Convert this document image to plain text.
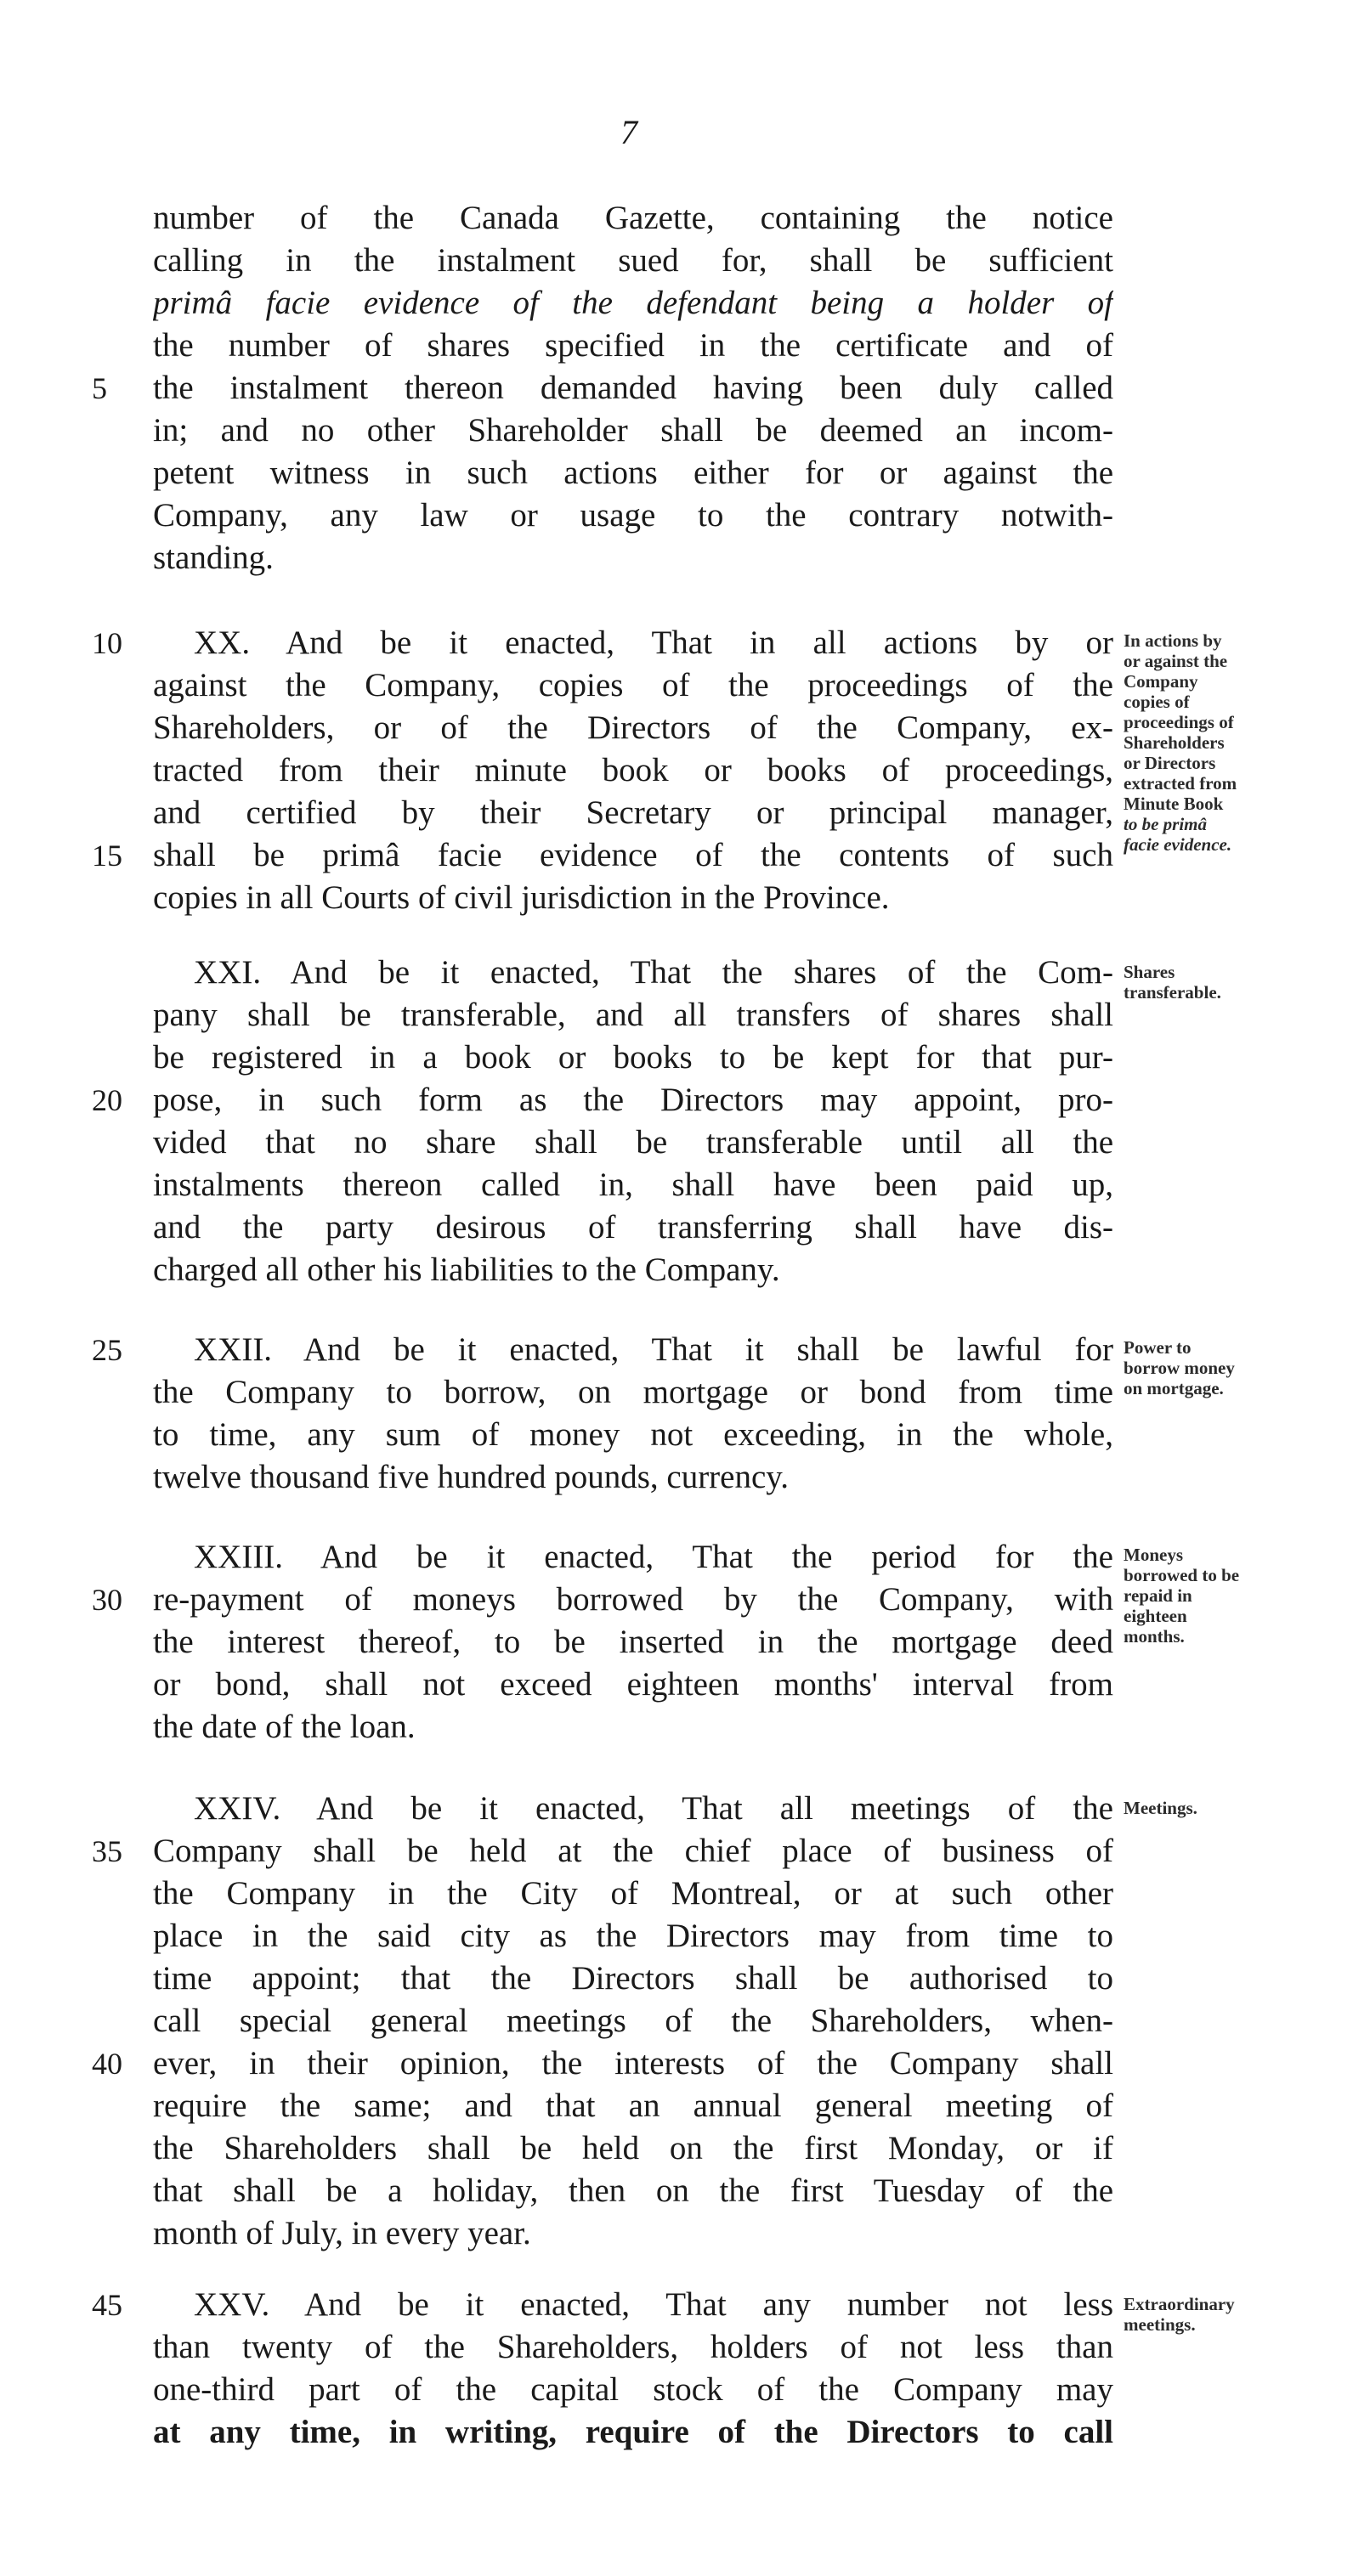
7
number of the Canada Gazette, containing the notice
calling in the instalment sued for, shall be sufficient
primâ facie evidence of the defendant being a holder of
the number of shares specified in the certificate and of
the instalment thereon demanded having been duly called
in; and no other Shareholder shall be deemed an incom-
petent witness in such actions either for or against the
Company, any law or usage to the contrary notwith-
standing.
XX. And be it enacted, That in all actions by or
against the Company, copies of the proceedings of the
Shareholders, or of the Directors of the Company, ex-
tracted from their minute book or books of proceedings,
and certified by their Secretary or principal manager,
shall be primâ facie evidence of the contents of such
copies in all Courts of civil jurisdiction in the Province.
XXI. And be it enacted, That the shares of the Com-
pany shall be transferable, and all transfers of shares shall
be registered in a book or books to be kept for that pur-
pose, in such form as the Directors may appoint, pro-
vided that no share shall be transferable until all the
instalments thereon called in, shall have been paid up,
and the party desirous of transferring shall have dis-
charged all other his liabilities to the Company.
XXII. And be it enacted, That it shall be lawful for
the Company to borrow, on mortgage or bond from time
to time, any sum of money not exceeding, in the whole,
twelve thousand five hundred pounds, currency.
XXIII. And be it enacted, That the period for the
re-payment of moneys borrowed by the Company, with
the interest thereof, to be inserted in the mortgage deed
or bond, shall not exceed eighteen months' interval from
the date of the loan.
XXIV. And be it enacted, That all meetings of the
Company shall be held at the chief place of business of
the Company in the City of Montreal, or at such other
place in the said city as the Directors may from time to
time appoint; that the Directors shall be authorised to
call special general meetings of the Shareholders, when-
ever, in their opinion, the interests of the Company shall
require the same; and that an annual general meeting of
the Shareholders shall be held on the first Monday, or if
that shall be a holiday, then on the first Tuesday of the
month of July, in every year.
XXV. And be it enacted, That any number not less
than twenty of the Shareholders, holders of not less than
one-third part of the capital stock of the Company may
at any time, in writing, require of the Directors to call
5
10
15
20
25
30
35
40
45
In actions by
or against the
Company
copies of
proceedings of
Shareholders
or Directors
extracted from
Minute Book
to be primâ
facie evidence.
Shares
transferable.
Power to
borrow money
on mortgage.
Moneys
borrowed to be
repaid in
eighteen
months.
Meetings.
Extraordinary
meetings.
